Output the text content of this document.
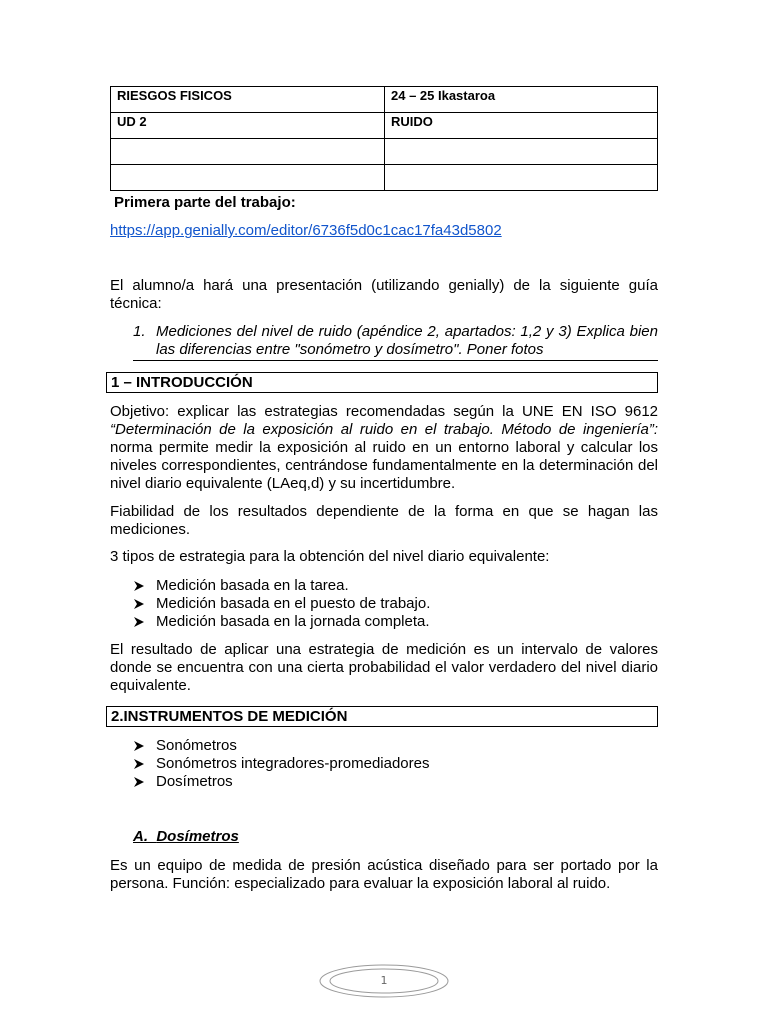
RIESGOS FISICOS	24 – 25 Ikastaroa
UD 2	RUIDO

Primera parte del trabajo:
https://app.genially.com/editor/6736f5d0c1cac17fa43d5802
El alumno/a hará una presentación (utilizando genially) de la siguiente guía técnica:
1. Mediciones del nivel de ruido (apéndice 2, apartados: 1,2 y 3) Explica bien las diferencias entre "sonómetro y dosímetro". Poner fotos
1 – INTRODUCCIÓN
Objetivo: explicar las estrategias recomendadas según la UNE EN ISO 9612 “Determinación de la exposición al ruido en el trabajo. Método de ingeniería”: norma permite medir la exposición al ruido en un entorno laboral y calcular los niveles correspondientes, centrándose fundamentalmente en la determinación del nivel diario equivalente (LAeq,d) y su incertidumbre.
Fiabilidad de los resultados dependiente de la forma en que se hagan las mediciones.
3 tipos de estrategia para la obtención del nivel diario equivalente:
Medición basada en la tarea.
Medición basada en el puesto de trabajo.
Medición basada en la jornada completa.
El resultado de aplicar una estrategia de medición es un intervalo de valores donde se encuentra con una cierta probabilidad el valor verdadero del nivel diario equivalente.
2.INSTRUMENTOS DE MEDICIÓN
Sonómetros
Sonómetros integradores-promediadores
Dosímetros
A. Dosímetros
Es un equipo de medida de presión acústica diseñado para ser portado por la persona. Función: especializado para evaluar la exposición laboral al ruido.
1
